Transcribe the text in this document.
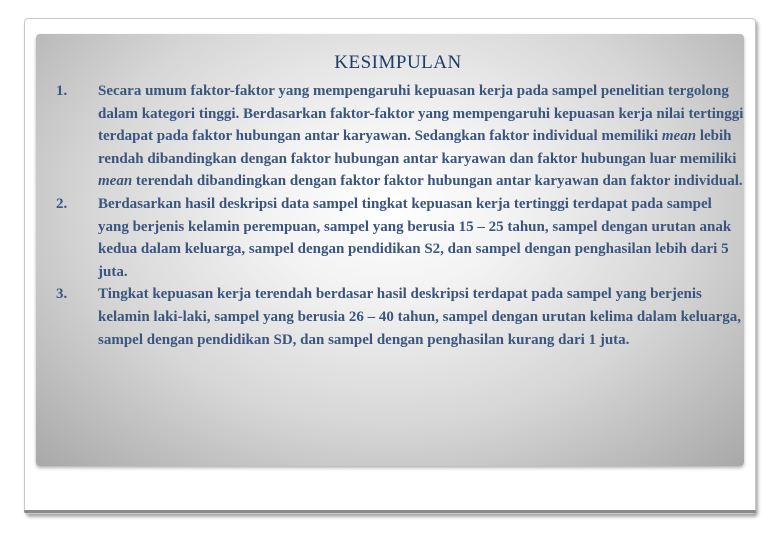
KESIMPULAN
1. Secara umum faktor-faktor yang mempengaruhi kepuasan kerja pada sampel penelitian tergolong dalam kategori tinggi. Berdasarkan faktor-faktor yang mempengaruhi kepuasan kerja nilai tertinggi terdapat pada faktor hubungan antar karyawan. Sedangkan faktor individual memiliki mean lebih rendah dibandingkan dengan faktor hubungan antar karyawan dan faktor hubungan luar memiliki mean terendah dibandingkan dengan faktor faktor hubungan antar karyawan dan faktor individual.
2. Berdasarkan hasil deskripsi data sampel tingkat kepuasan kerja tertinggi terdapat pada sampel yang berjenis kelamin perempuan, sampel yang berusia 15 – 25 tahun, sampel dengan urutan anak kedua dalam keluarga, sampel dengan pendidikan S2, dan sampel dengan penghasilan lebih dari 5 juta.
3. Tingkat kepuasan kerja terendah berdasar hasil deskripsi terdapat pada sampel yang berjenis kelamin laki-laki, sampel yang berusia 26 – 40 tahun, sampel dengan urutan kelima dalam keluarga, sampel dengan pendidikan SD, dan sampel dengan penghasilan kurang dari 1 juta.
